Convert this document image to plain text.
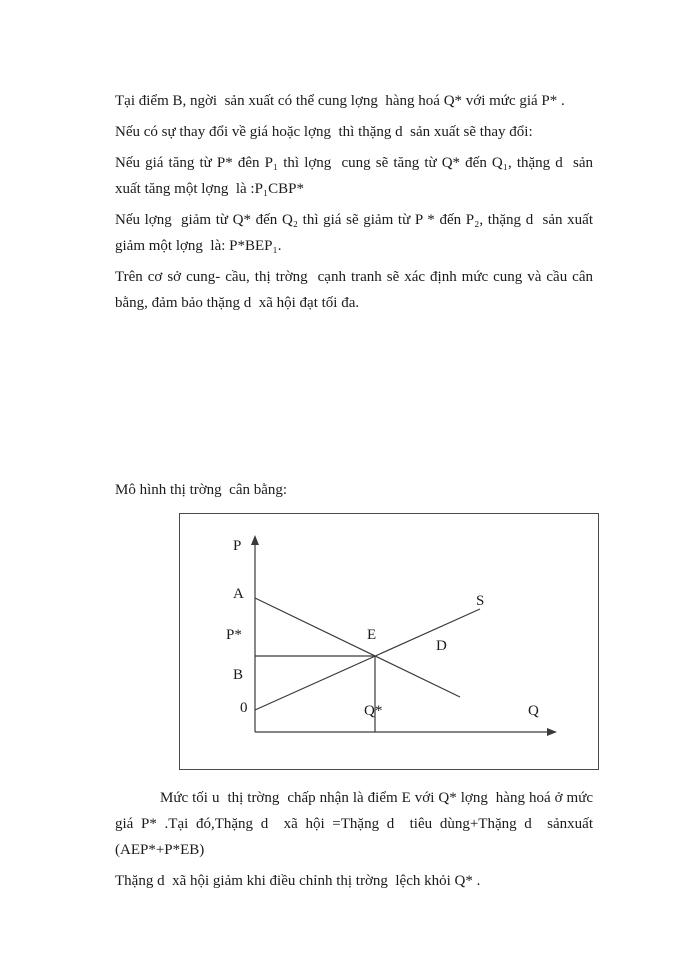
Tại điểm B, ngời  sản xuất có thể cung lợng  hàng hoá Q* với mức giá P* .

Nếu có sự thay đổi về giá hoặc lợng  thì thặng d  sản xuất sẽ thay đổi:

Nếu giá tăng từ P* đên P₁ thì lợng  cung sẽ tăng từ Q* đến Q₁, thặng d  sản xuất tăng một lợng  là :P₁CBP*

Nếu lợng  giảm từ Q* đến Q₂ thì giá sẽ giảm từ P * đến P₂, thặng d  sản xuất giảm một lợng  là: P*BEP₁.

Trên cơ sở cung- cầu, thị trờng  cạnh tranh sẽ xác định mức cung và cầu cân bằng, đảm bảo thặng d  xã hội đạt tối đa.

Mô hình thị trờng  cân bằng:

P
A
P*
B
0
E
S
D
Q*	Q

Mức tối u  thị trờng  chấp nhận là điểm E với Q* lợng  hàng hoá ở mức giá P* .Tại đó,Thặng d  xã hội =Thặng d  tiêu dùng+Thặng d  sảnxuất (AEP*+P*EB)

Thặng d  xã hội giảm khi điều chỉnh thị trờng  lệch khỏi Q* .
